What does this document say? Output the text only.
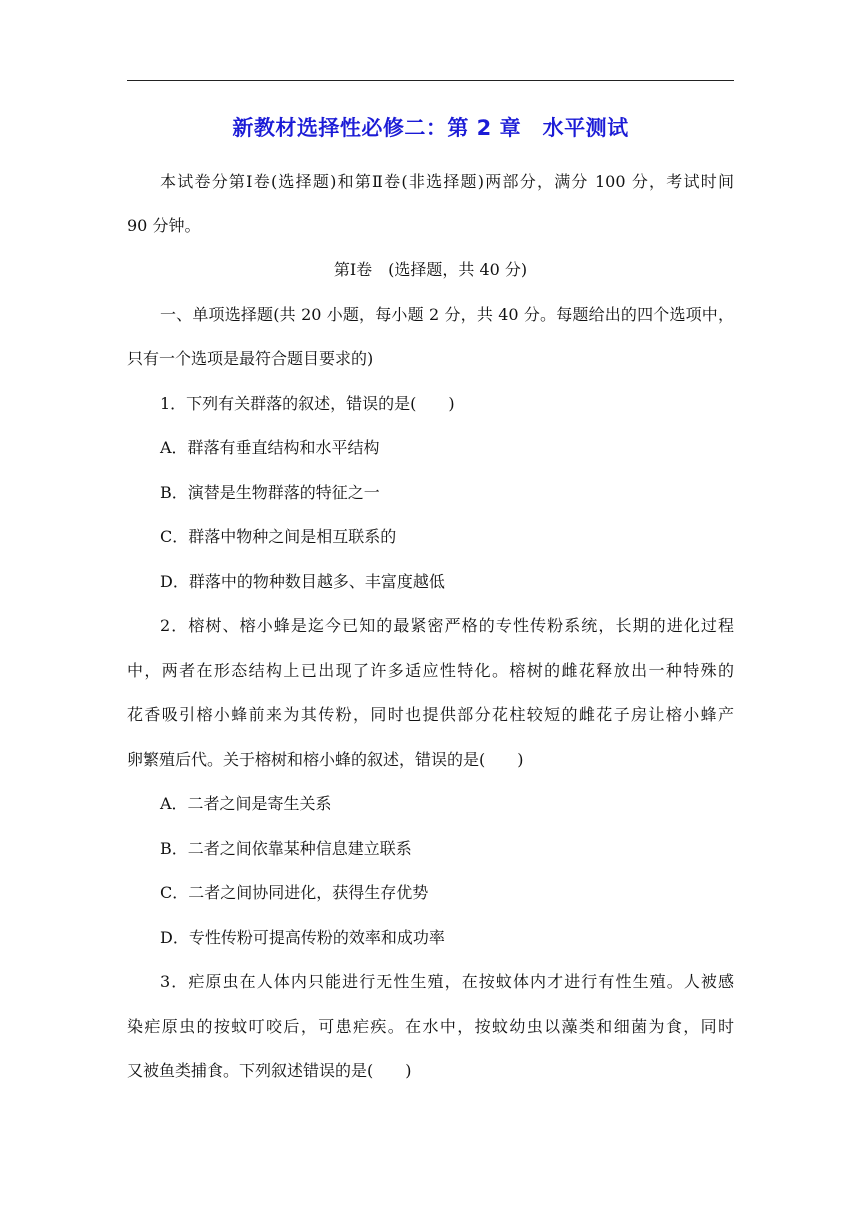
新教材选择性必修二：第 2 章　水平测试
本试卷分第Ⅰ卷(选择题)和第Ⅱ卷(非选择题)两部分，满分 100 分，考试时间
90 分钟。
第Ⅰ卷　(选择题，共 40 分)
一、单项选择题(共 20 小题，每小题 2 分，共 40 分。每题给出的四个选项中，
只有一个选项是最符合题目要求的)
1．下列有关群落的叙述，错误的是(　　)
A．群落有垂直结构和水平结构
B．演替是生物群落的特征之一
C．群落中物种之间是相互联系的
D．群落中的物种数目越多、丰富度越低
2．榕树、榕小蜂是迄今已知的最紧密严格的专性传粉系统，长期的进化过程
中，两者在形态结构上已出现了许多适应性特化。榕树的雌花释放出一种特殊的
花香吸引榕小蜂前来为其传粉，同时也提供部分花柱较短的雌花子房让榕小蜂产
卵繁殖后代。关于榕树和榕小蜂的叙述，错误的是(　　)
A．二者之间是寄生关系
B．二者之间依靠某种信息建立联系
C．二者之间协同进化，获得生存优势
D．专性传粉可提高传粉的效率和成功率
3．疟原虫在人体内只能进行无性生殖，在按蚊体内才进行有性生殖。人被感
染疟原虫的按蚊叮咬后，可患疟疾。在水中，按蚊幼虫以藻类和细菌为食，同时
又被鱼类捕食。下列叙述错误的是(　　)
